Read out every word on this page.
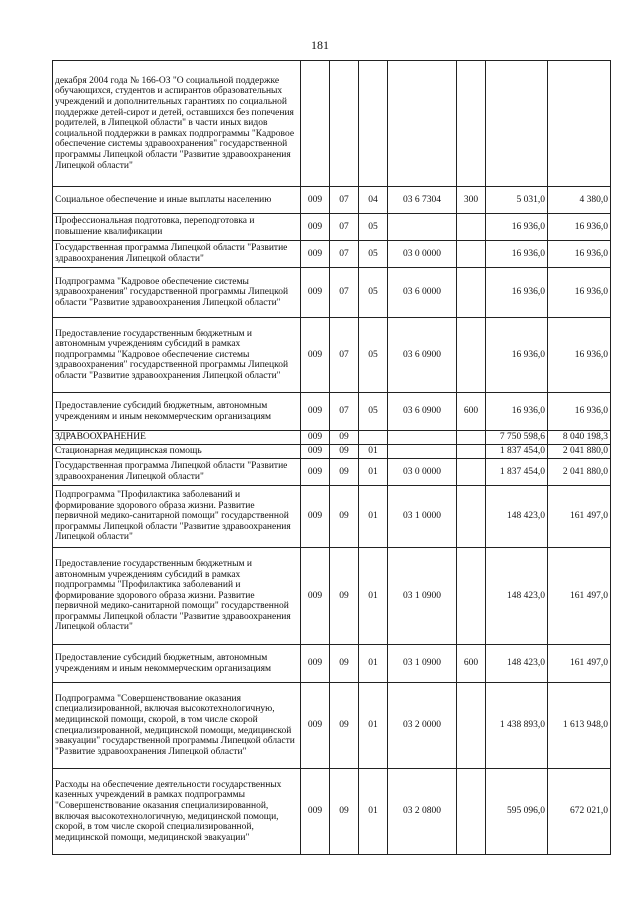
181
декабря 2004 года № 166-ОЗ "О социальной поддержке обучающихся, студентов и аспирантов образовательных учреждений и дополнительных гарантиях по социальной поддержке детей-сирот и детей, оставшихся без попечения родителей, в Липецкой области" в части иных видов социальной поддержки в рамках подпрограммы "Кадровое обеспечение системы здравоохранения" государственной программы Липецкой области "Развитие здравоохранения Липецкой области"							
Социальное обеспечение и иные выплаты населению	009	07	04	03 6 7304	300	5 031,0	4 380,0
Профессиональная подготовка, переподготовка и повышение квалификации	009	07	05			16 936,0	16 936,0
Государственная программа Липецкой области "Развитие здравоохранения Липецкой области"	009	07	05	03 0 0000		16 936,0	16 936,0
Подпрограмма "Кадровое обеспечение системы здравоохранения" государственной программы Липецкой области "Развитие здравоохранения Липецкой области"	009	07	05	03 6 0000		16 936,0	16 936,0
Предоставление государственным бюджетным и автономным учреждениям субсидий в рамках подпрограммы "Кадровое обеспечение системы здравоохранения" государственной программы Липецкой области "Развитие здравоохранения Липецкой области"	009	07	05	03 6 0900		16 936,0	16 936,0
Предоставление субсидий бюджетным, автономным учреждениям и иным некоммерческим организациям	009	07	05	03 6 0900	600	16 936,0	16 936,0
ЗДРАВООХРАНЕНИЕ	009	09				7 750 598,6	8 040 198,3
Стационарная медицинская помощь	009	09	01			1 837 454,0	2 041 880,0
Государственная программа Липецкой области "Развитие здравоохранения Липецкой области"	009	09	01	03 0 0000		1 837 454,0	2 041 880,0
Подпрограмма "Профилактика заболеваний и формирование здорового образа жизни. Развитие первичной медико-санитарной помощи" государственной программы Липецкой области "Развитие здравоохранения Липецкой области"	009	09	01	03 1 0000		148 423,0	161 497,0
Предоставление государственным бюджетным и автономным учреждениям субсидий в рамках подпрограммы "Профилактика заболеваний и формирование здорового образа жизни. Развитие первичной медико-санитарной помощи" государственной программы Липецкой области "Развитие здравоохранения Липецкой области"	009	09	01	03 1 0900		148 423,0	161 497,0
Предоставление субсидий бюджетным, автономным учреждениям и иным некоммерческим организациям	009	09	01	03 1 0900	600	148 423,0	161 497,0
Подпрограмма "Совершенствование оказания специализированной, включая высокотехнологичную, медицинской помощи, скорой, в том числе скорой специализированной, медицинской помощи, медицинской эвакуации" государственной программы Липецкой области "Развитие здравоохранения Липецкой области"	009	09	01	03 2 0000		1 438 893,0	1 613 948,0
Расходы на обеспечение деятельности государственных казенных учреждений в рамках подпрограммы "Совершенствование оказания специализированной, включая высокотехнологичную, медицинской помощи, скорой, в том числе скорой специализированной, медицинской помощи, медицинской эвакуации"	009	09	01	03 2 0800		595 096,0	672 021,0
